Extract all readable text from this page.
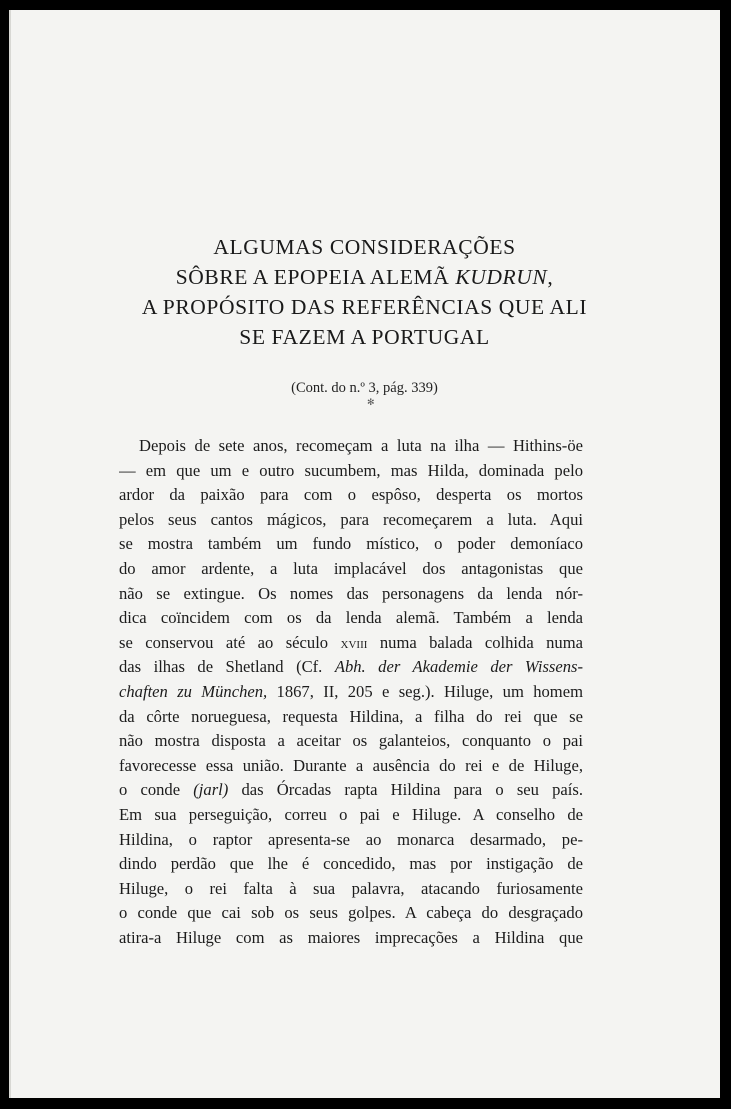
ALGUMAS CONSIDERAÇÕES
SÔBRE A EPOPEIA ALEMÃ KUDRUN,
A PROPÓSITO DAS REFERÊNCIAS QUE ALI
SE FAZEM A PORTUGAL
(Cont. do n.º 3, pág. 339)
✻
Depois de sete anos, recomeçam a luta na ilha — Hithins-öe
— em que um e outro sucumbem, mas Hilda, dominada pelo
ardor da paixão para com o espôso, desperta os mortos
pelos seus cantos mágicos, para recomeçarem a luta. Aqui
se mostra também um fundo místico, o poder demoníaco
do amor ardente, a luta implacável dos antagonistas que
não se extingue. Os nomes das personagens da lenda nór-
dica coïncidem com os da lenda alemã. Também a lenda
se conservou até ao século xviii numa balada colhida numa
das ilhas de Shetland (Cf. Abh. der Akademie der Wissens-
chaften zu München, 1867, II, 205 e seg.). Hiluge, um homem
da côrte norueguesa, requesta Hildina, a filha do rei que se
não mostra disposta a aceitar os galanteios, conquanto o pai
favorecesse essa união. Durante a ausência do rei e de Hiluge,
o conde (jarl) das Órcadas rapta Hildina para o seu país.
Em sua perseguição, correu o pai e Hiluge. A conselho de
Hildina, o raptor apresenta-se ao monarca desarmado, pe-
dindo perdão que lhe é concedido, mas por instigação de
Hiluge, o rei falta à sua palavra, atacando furiosamente
o conde que cai sob os seus golpes. A cabeça do desgraçado
atira-a Hiluge com as maiores imprecações a Hildina que
